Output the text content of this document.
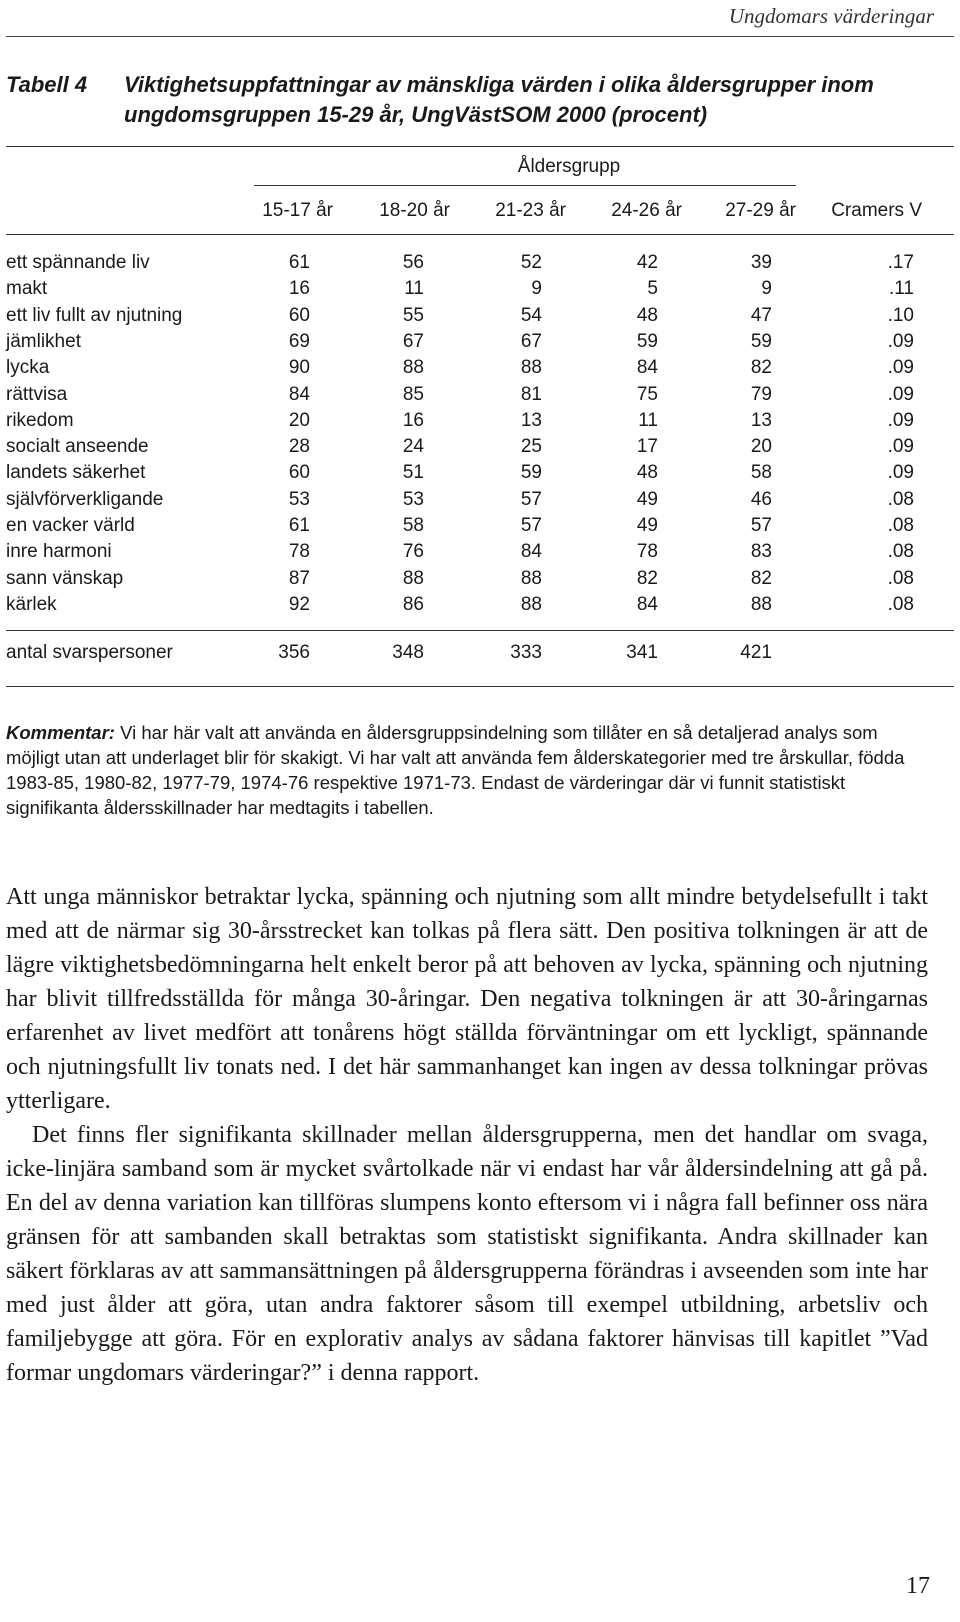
Ungdomars värderingar
Tabell 4 Viktighetsuppfattningar av mänskliga värden i olika åldersgrupper inom ungdomsgruppen 15-29 år, UngVästSOM 2000 (procent)
Åldersgrupp
15-17 år 18-20 år 21-23 år 24-26 år 27-29 år Cramers V
ett spännande liv	61	56	52	42	39	.17
makt	16	11	9	5	9	.11
ett liv fullt av njutning	60	55	54	48	47	.10
jämlikhet	69	67	67	59	59	.09
lycka	90	88	88	84	82	.09
rättvisa	84	85	81	75	79	.09
rikedom	20	16	13	11	13	.09
socialt anseende	28	24	25	17	20	.09
landets säkerhet	60	51	59	48	58	.09
självförverkligande	53	53	57	49	46	.08
en vacker värld	61	58	57	49	57	.08
inre harmoni	78	76	84	78	83	.08
sann vänskap	87	88	88	82	82	.08
kärlek	92	86	88	84	88	.08
antal svarspersoner	356	348	333	341	421
Kommentar: Vi har här valt att använda en åldersgruppsindelning som tillåter en så detaljerad analys som möjligt utan att underlaget blir för skakigt. Vi har valt att använda fem ålderskategorier med tre årskullar, födda 1983-85, 1980-82, 1977-79, 1974-76 respektive 1971-73. Endast de värderingar där vi funnit statistiskt signifikanta åldersskillnader har medtagits i tabellen.

Att unga människor betraktar lycka, spänning och njutning som allt mindre betydelsefullt i takt med att de närmar sig 30-årsstrecket kan tolkas på flera sätt. Den positiva tolkningen är att de lägre viktighetsbedömningarna helt enkelt beror på att behoven av lycka, spänning och njutning har blivit tillfredsställda för många 30-åringar. Den negativa tolkningen är att 30-åringarnas erfarenhet av livet medfört att tonårens högt ställda förväntningar om ett lyckligt, spännande och njutningsfullt liv tonats ned. I det här sammanhanget kan ingen av dessa tolkningar prövas ytterligare.

Det finns fler signifikanta skillnader mellan åldersgrupperna, men det handlar om svaga, icke-linjära samband som är mycket svårtolkade när vi endast har vår åldersindelning att gå på. En del av denna variation kan tillföras slumpens konto eftersom vi i några fall befinner oss nära gränsen för att sambanden skall betraktas som statistiskt signifikanta. Andra skillnader kan säkert förklaras av att sammansättningen på åldersgrupperna förändras i avseenden som inte har med just ålder att göra, utan andra faktorer såsom till exempel utbildning, arbetsliv och familjebygge att göra. För en explorativ analys av sådana faktorer hänvisas till kapitlet ”Vad formar ungdomars värderingar?” i denna rapport.

17
